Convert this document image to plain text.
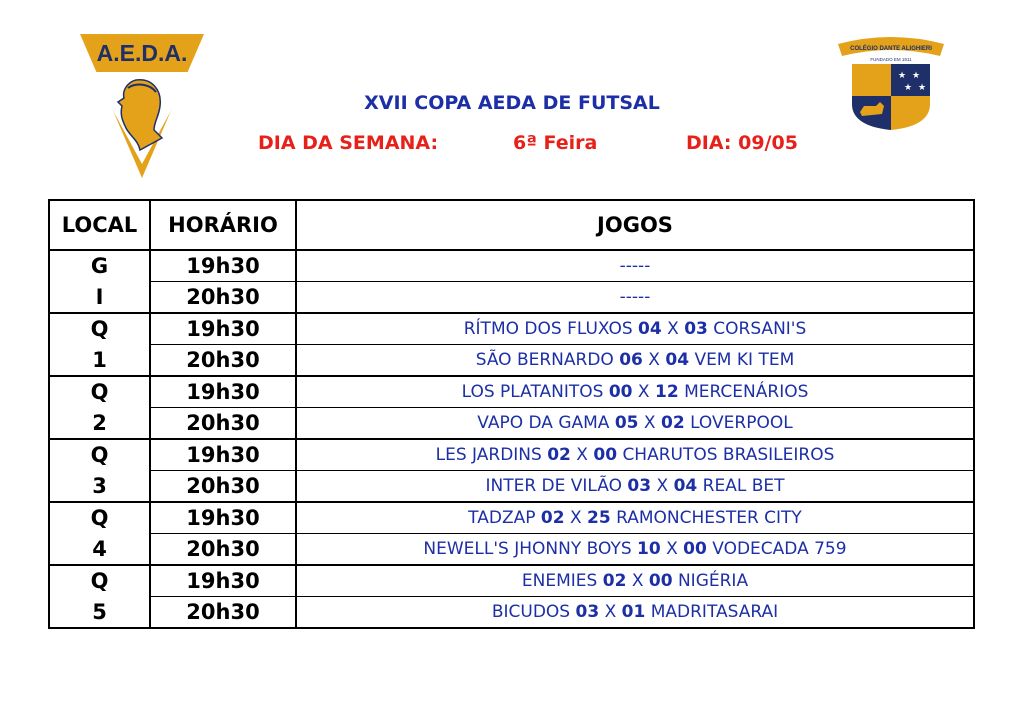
A.E.D.A.	COLÉGIO DANTE ALIGHIERI
FUNDADO EM 1911
★ ★
★ ★
XVII COPA AEDA DE FUTSAL
DIA DA SEMANA:	6ª Feira	DIA: 09/05
LOCAL	HORÁRIO	JOGOS
G	19h30	-----
I	20h30	-----
Q	19h30	RÍTMO DOS FLUXOS 04 X 03 CORSANI'S
1	20h30	SÃO BERNARDO 06 X 04 VEM KI TEM
Q	19h30	LOS PLATANITOS 00 X 12 MERCENÁRIOS
2	20h30	VAPO DA GAMA 05 X 02 LOVERPOOL
Q	19h30	LES JARDINS 02 X 00 CHARUTOS BRASILEIROS
3	20h30	INTER DE VILÃO 03 X 04 REAL BET
Q	19h30	TADZAP 02 X 25 RAMONCHESTER CITY
4	20h30	NEWELL'S JHONNY BOYS 10 X 00 VODECADA 759
Q	19h30	ENEMIES 02 X 00 NIGÉRIA
5	20h30	BICUDOS 03 X 01 MADRITASARAI
